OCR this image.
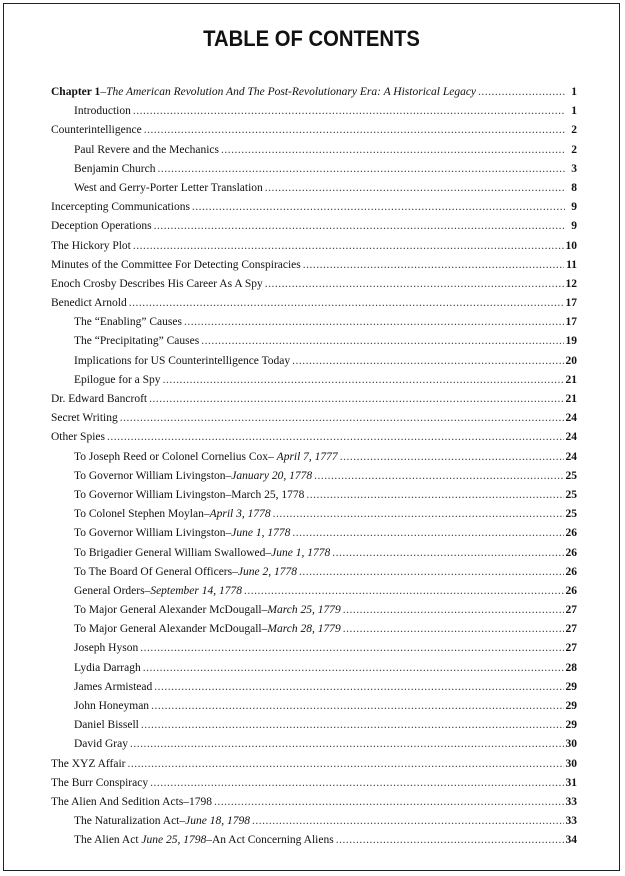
TABLE OF CONTENTS
Chapter 1–The American Revolution And The Post-Revolutionary Era: A Historical Legacy .....	1
Introduction .....	1
Counterintelligence .....	2
Paul Revere and the Mechanics .....	2
Benjamin Church .....	3
West and Gerry-Porter Letter Translation .....	8
Incercepting Communications .....	9
Deception Operations .....	9
The Hickory Plot .....	10
Minutes of the Committee For Detecting Conspiracies .....	11
Enoch Crosby Describes His Career As A Spy .....	12
Benedict Arnold .....	17
The “Enabling” Causes .....	17
The “Precipitating” Causes .....	19
Implications for US Counterintelligence Today .....	20
Epilogue for a Spy .....	21
Dr. Edward Bancroft .....	21
Secret Writing .....	24
Other Spies .....	24
To Joseph Reed or Colonel Cornelius Cox– April 7, 1777 .....	24
To Governor William Livingston–January 20, 1778 .....	25
To Governor William Livingston–March 25, 1778 .....	25
To Colonel Stephen Moylan–April 3, 1778 .....	25
To Governor William Livingston–June 1, 1778 .....	26
To Brigadier General William Swallowed–June 1, 1778 .....	26
To The Board Of General Officers–June 2, 1778 .....	26
General Orders–September 14, 1778 .....	26
To Major General Alexander McDougall–March 25, 1779 .....	27
To Major General Alexander McDougall–March 28, 1779 .....	27
Joseph Hyson .....	27
Lydia Darragh .....	28
James Armistead .....	29
John Honeyman .....	29
Daniel Bissell .....	29
David Gray .....	30
The XYZ Affair .....	30
The Burr Conspiracy .....	31
The Alien And Sedition Acts–1798 .....	33
The Naturalization Act–June 18, 1798 .....	33
The Alien Act June 25, 1798–An Act Concerning Aliens .....	34
